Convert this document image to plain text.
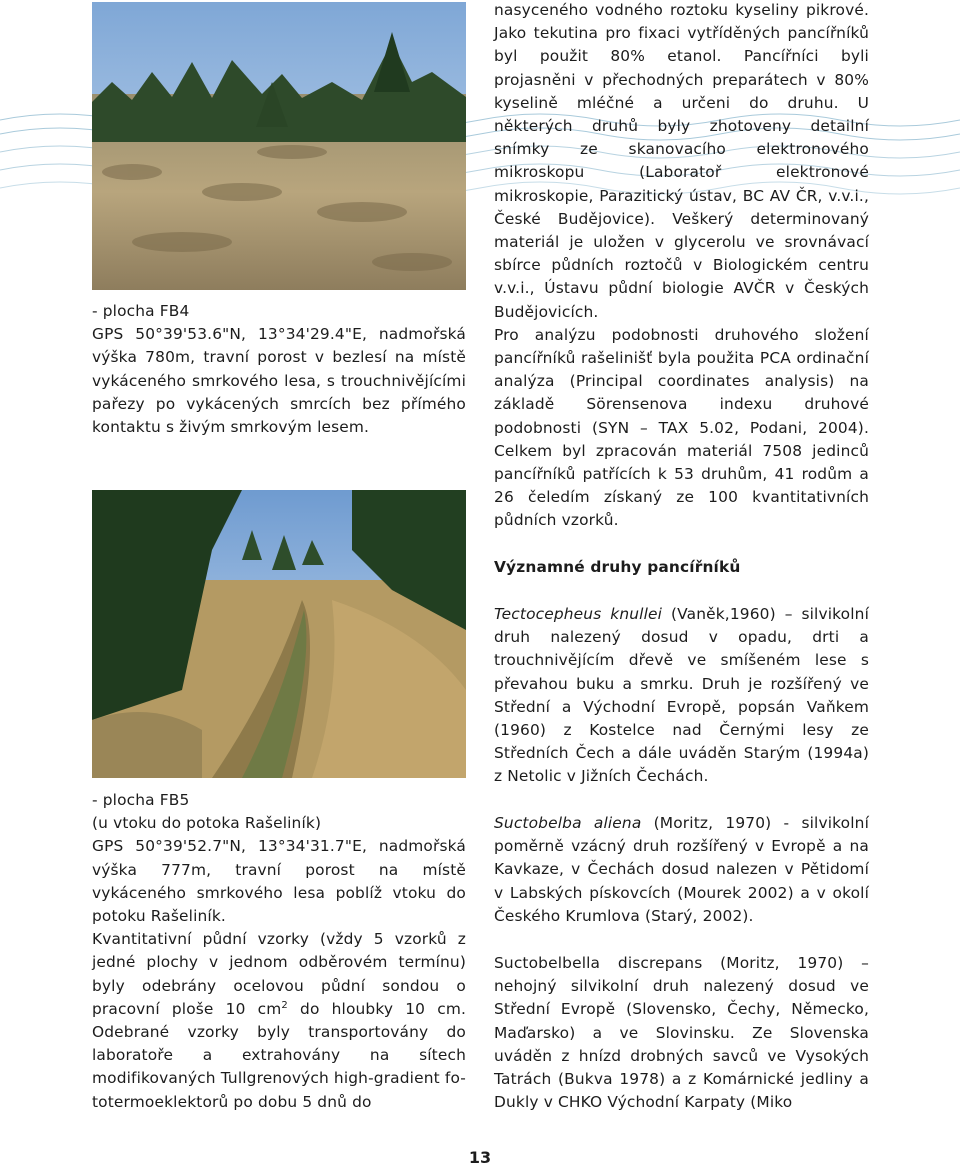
- plocha FB4

GPS 50°39'53.6"N, 13°34'29.4"E, nadmořská výška 780m, travní porost v bezlesí na místě vykáceného smrkového lesa, s trouchnivějícími pařezy po vykácených smrcích bez přímého kontaktu s živým smrkovým lesem.

- plocha FB5
(u vtoku do potoka Rašeliník)

GPS 50°39'52.7"N, 13°34'31.7"E, nadmořská výška 777m, travní porost na místě vykáceného smrkového lesa poblíž vtoku do potoku Rašeliník.

Kvantitativní půdní vzorky (vždy 5 vzorků z jedné plochy v jednom odběrovém termínu) byly odebrány ocelovou půdní sondou o pracovní ploše 10 $cm^2$ do hloubky 10 cm. Odebrané vzorky byly transportovány do laboratoře a extrahovány na sítech modifikovaných Tullgrenových high-gradient fo-totermoeklektorů po dobu 5 dnů do

nasyceného vodného roztoku kyseliny pikrové. Jako tekutina pro fixaci vytříděných pancířníků byl použit 80% etanol. Pancířníci byli projasněni v přechodných preparátech v 80% kyselině mléčné a určeni do druhu. U některých druhů byly zhotoveny detailní snímky ze skanovacího elektronového mikroskopu (Laboratoř elektronové mikroskopie, Parazitický ústav, BC AV ČR, v.v.i., České Budějovice). Veškerý determinovaný materiál je uložen v glycerolu ve srovnávací sbírce půdních roztočů v Biologickém centru v.v.i., Ústavu půdní biologie AVČR v Českých Budějovicích.

Pro analýzu podobnosti druhového složení pancířníků rašelinišť byla použita PCA ordinační analýza (Principal coordinates analysis) na základě Sörensenova indexu druhové podobnosti (SYN – TAX 5.02, Podani, 2004). Celkem byl zpracován materiál 7508 jedinců pancířníků patřících k 53 druhům, 41 rodům a 26 čeledím získaný ze 100 kvantitativních půdních vzorků.

Významné druhy pancířníků

Tectocepheus knullei (Vaněk,1960) – silvikolní druh nalezený dosud v opadu, drti a trouchnivějícím dřevě ve smíšeném lese s převahou buku a smrku. Druh je rozšířený ve Střední a Východní Evropě, popsán Vaňkem (1960) z Kostelce nad Černými lesy ze Středních Čech a dále uváděn Starým (1994a) z Netolic v Jižních Čechách.

Suctobelba aliena (Moritz, 1970) - silvikolní poměrně vzácný druh rozšířený v Evropě a na Kavkaze, v Čechách dosud nalezen v Pětidomí v Labských pískovcích (Mourek 2002) a v okolí Českého Krumlova (Starý, 2002).

Suctobelbella discrepans (Moritz, 1970) – nehojný silvikolní druh nalezený dosud ve Střední Evropě (Slovensko, Čechy, Německo, Maďarsko) a ve Slovinsku. Ze Slovenska uváděn z hnízd drobných savců ve Vysokých Tatrách (Bukva 1978) a z Komárnické jedliny a Dukly v CHKO Východní Karpaty (Miko

13
